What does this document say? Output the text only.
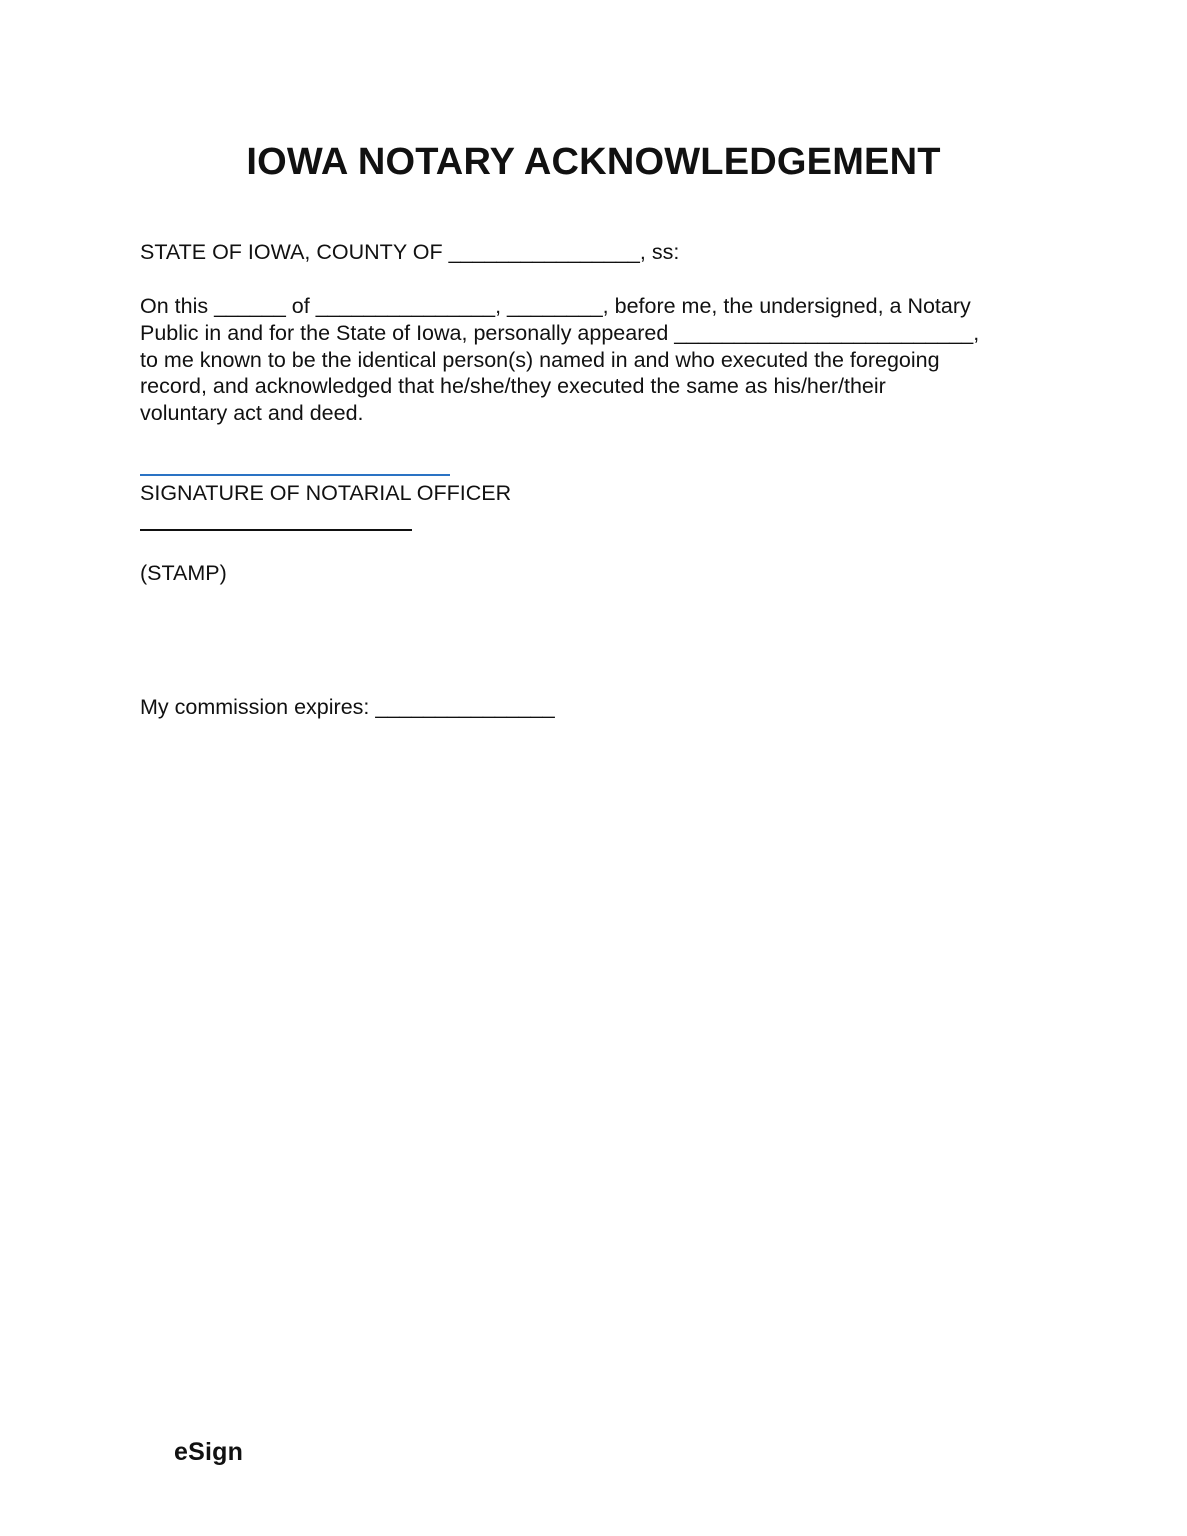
IOWA NOTARY ACKNOWLEDGEMENT
STATE OF IOWA, COUNTY OF ________________, ss:
On this ______ of _______________, ________, before me, the undersigned, a Notary
Public in and for the State of Iowa, personally appeared _________________________,
to me known to be the identical person(s) named in and who executed the foregoing
record, and acknowledged that he/she/they executed the same as his/her/their
voluntary act and deed.
SIGNATURE OF NOTARIAL OFFICER
(STAMP)
My commission expires: _______________
eSign
